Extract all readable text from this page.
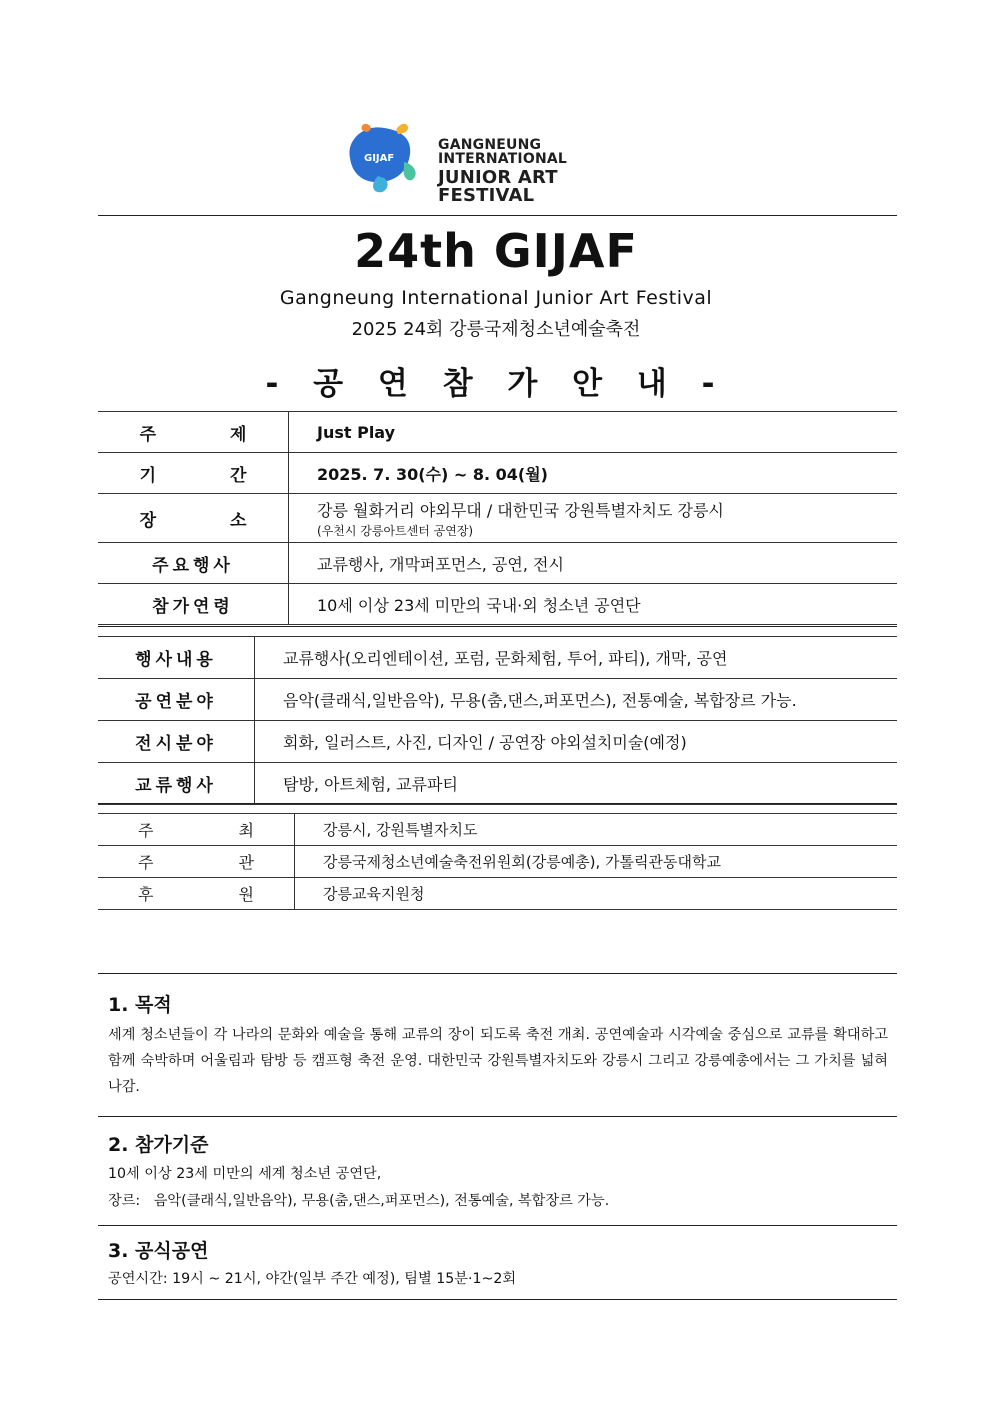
GIJAF
GANGNEUNG INTERNATIONAL
JUNIOR ART FESTIVAL
24th GIJAF
Gangneung International Junior Art Festival
2025 24회 강릉국제청소년예술축전
- 공 연 참 가 안 내 -
주 제	Just Play
기 간	2025. 7. 30(수) ~ 8. 04(월)
장 소	강릉 월화거리 야외무대 / 대한민국 강원특별자치도 강릉시
(우천시 강릉아트센터 공연장)

주요행사	교류행사, 개막퍼포먼스, 공연, 전시
참가연령	10세 이상 23세 미만의 국내·외 청소년 공연단
행사내용	교류행사(오리엔테이션, 포럼, 문화체험, 투어, 파티), 개막, 공연
공연분야	음악(클래식,일반음악), 무용(춤,댄스,퍼포먼스), 전통예술, 복합장르 가능.
전시분야	회화, 일러스트, 사진, 디자인 / 공연장 야외설치미술(예정)
교류행사	탐방, 아트체험, 교류파티
주 최	강릉시, 강원특별자치도
주 관	강릉국제청소년예술축전위원회(강릉예총), 가톨릭관동대학교
후 원	강릉교육지원청
1. 목적
세계 청소년들이 각 나라의 문화와 예술을 통해 교류의 장이 되도록 축전 개최. 공연예술과 시각예술 중심으로 교류를 확대하고 함께 숙박하며 어울림과 탐방 등 캠프형 축전 운영. 대한민국 강원특별자치도와 강릉시 그리고 강릉예총에서는 그 가치를 넓혀나감.
2. 참가기준
10세 이상 23세 미만의 세계 청소년 공연단,
장르:   음악(클래식,일반음악), 무용(춤,댄스,퍼포먼스), 전통예술, 복합장르 가능.
3. 공식공연
공연시간: 19시 ~ 21시, 야간(일부 주간 예정), 팀별 15분·1~2회
